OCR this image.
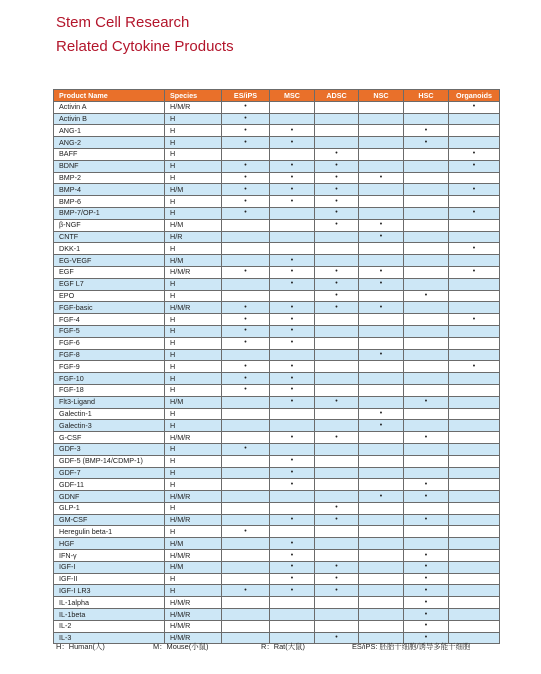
Stem Cell Research
Related Cytokine Products
Product Name	Species	ES/iPS	MSC	ADSC	NSC	HSC	Organoids
Activin A	H/M/R	•					•
Activin B	H	•					
ANG-1	H	•	•			•	
ANG-2	H	•	•			•	
BAFF	H			•			•
BDNF	H	•	•	•			•
BMP-2	H	•	•	•	•		
BMP-4	H/M	•	•	•			•
BMP-6	H	•	•	•			
BMP-7/OP-1	H	•		•			•
β-NGF	H/M			•	•		
CNTF	H/R				•		
DKK-1	H						•
EG-VEGF	H/M		•				
EGF	H/M/R	•	•	•	•		•
EGF L7	H		•	•	•		
EPO	H			•		•	
FGF-basic	H/M/R	•	•	•	•		
FGF-4	H	•	•				•
FGF-5	H	•	•				
FGF-6	H	•	•				
FGF-8	H				•		
FGF-9	H	•	•				•
FGF-10	H	•	•				
FGF-18	H	•	•				
Flt3-Ligand	H/M		•	•		•	
Galectin-1	H				•		
Galectin-3	H				•		
G-CSF	H/M/R		•	•		•	
GDF-3	H	•					
GDF-5 (BMP-14/CDMP-1)	H		•				
GDF-7	H		•				
GDF-11	H		•			•	
GDNF	H/M/R				•	•	
GLP-1	H			•			
GM-CSF	H/M/R		•	•		•	
Heregulin beta-1	H	•					
HGF	H/M		•				
IFN-γ	H/M/R		•			•	
IGF-I	H/M		•	•		•	
IGF-II	H		•	•		•	
IGF-I LR3	H	•	•	•		•	
IL-1alpha	H/M/R					•	
IL-1beta	H/M/R					•	
IL-2	H/M/R					•	
IL-3	H/M/R			•		•	
H：Human(人)	M：Mouse(小鼠)	R：Rat(大鼠)	ES/iPS: 胚胎干细胞/诱导多能干细胞
